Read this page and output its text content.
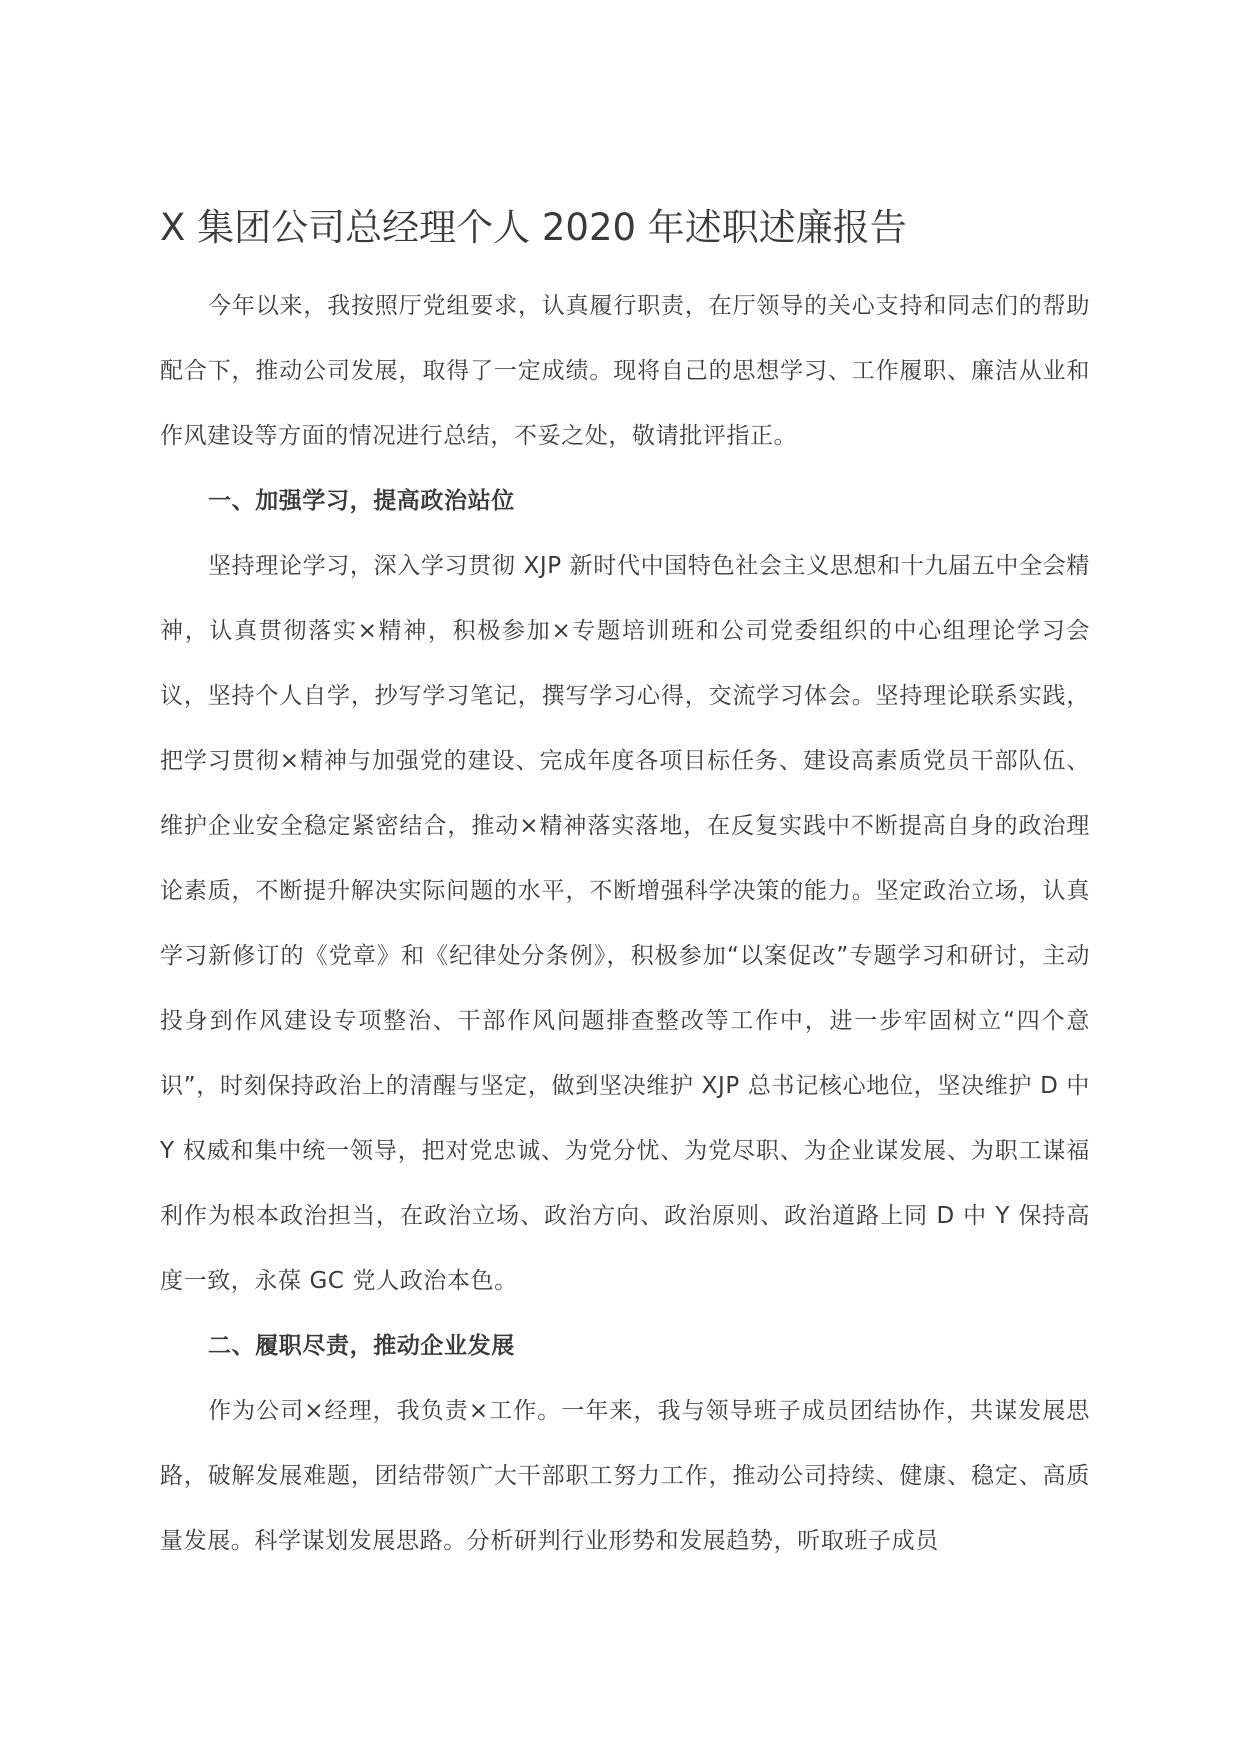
X 集团公司总经理个人 2020 年述职述廉报告

今年以来，我按照厅党组要求，认真履行职责，在厅领导的关心支持和同志们的帮助配合下，推动公司发展，取得了一定成绩。现将自己的思想学习、工作履职、廉洁从业和作风建设等方面的情况进行总结，不妥之处，敬请批评指正。

一、加强学习，提高政治站位

坚持理论学习，深入学习贯彻 XJP 新时代中国特色社会主义思想和十九届五中全会精神，认真贯彻落实×精神，积极参加×专题培训班和公司党委组织的中心组理论学习会议，坚持个人自学，抄写学习笔记，撰写学习心得，交流学习体会。坚持理论联系实践，把学习贯彻×精神与加强党的建设、完成年度各项目标任务、建设高素质党员干部队伍、维护企业安全稳定紧密结合，推动×精神落实落地，在反复实践中不断提高自身的政治理论素质，不断提升解决实际问题的水平，不断增强科学决策的能力。坚定政治立场，认真学习新修订的《党章》和《纪律处分条例》，积极参加“以案促改”专题学习和研讨，主动投身到作风建设专项整治、干部作风问题排查整改等工作中，进一步牢固树立“四个意识”，时刻保持政治上的清醒与坚定，做到坚决维护 XJP 总书记核心地位，坚决维护 D 中 Y 权威和集中统一领导，把对党忠诚、为党分忧、为党尽职、为企业谋发展、为职工谋福利作为根本政治担当，在政治立场、政治方向、政治原则、政治道路上同 D 中 Y 保持高度一致，永葆 GC 党人政治本色。

二、履职尽责，推动企业发展

作为公司×经理，我负责×工作。一年来，我与领导班子成员团结协作，共谋发展思路，破解发展难题，团结带领广大干部职工努力工作，推动公司持续、健康、稳定、高质量发展。科学谋划发展思路。分析研判行业形势和发展趋势，听取班子成员
